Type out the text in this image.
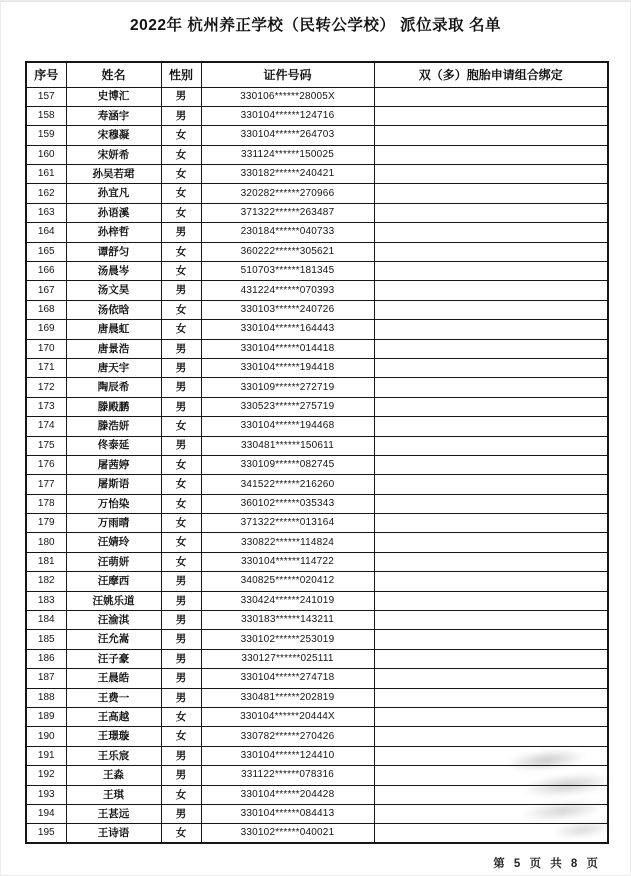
2022年 杭州养正学校（民转公学校） 派位录取 名单
序号	姓名	性别	证件号码	双（多）胞胎申请组合绑定
157	史博汇	男	330106******28005X	
158	寿涵宇	男	330104******124716	
159	宋穆凝	女	330104******264703	
160	宋妍希	女	331124******150025	
161	孙吴若珺	女	330182******240421	
162	孙宜凡	女	320282******270966	
163	孙语溪	女	371322******263487	
164	孙梓哲	男	230184******040733	
165	谭舒匀	女	360222******305621	
166	汤晨岑	女	510703******181345	
167	汤文昊	男	431224******070393	
168	汤依晗	女	330103******240726	
169	唐晨虹	女	330104******164443	
170	唐景浩	男	330104******014418	
171	唐天宇	男	330104******194418	
172	陶辰希	男	330109******272719	
173	滕殿鹏	男	330523******275719	
174	滕浩妍	女	330104******194468	
175	佟泰延	男	330481******150611	
176	屠茜婷	女	330109******082745	
177	屠斯语	女	341522******216260	
178	万怡染	女	360102******035343	
179	万雨晴	女	371322******013164	
180	汪婧玲	女	330822******114824	
181	汪萌妍	女	330104******114722	
182	汪摩西	男	340825******020412	
183	汪姚乐道	男	330424******241019	
184	汪渝淇	男	330183******143211	
185	汪允嵩	男	330102******253019	
186	汪子豪	男	330127******025111	
187	王晨皓	男	330104******274718	
188	王费一	男	330481******202819	
189	王高越	女	330104******20444X	
190	王璟璇	女	330782******270426	
191	王乐宸	男	330104******124410	
192	王淼	男	331122******078316	
193	王琪	女	330104******204428	
194	王甚远	男	330104******084413	
195	王诗语	女	330102******040021	
第 5 页 共 8 页
